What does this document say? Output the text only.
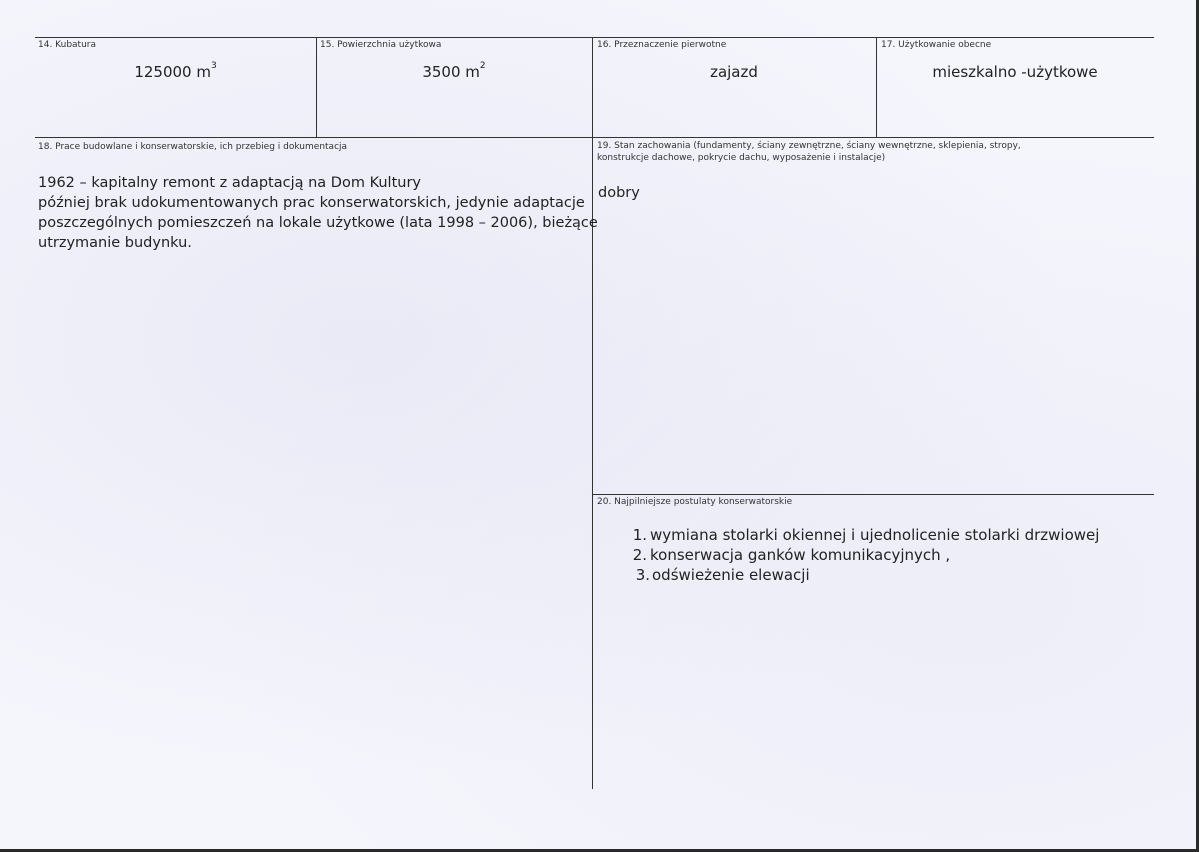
14. Kubatura
125000 $m^3$
15. Powierzchnia użytkowa
3500 $m^2$
16. Przeznaczenie pierwotne
zajazd
17. Użytkowanie obecne
mieszkalno -użytkowe
18. Prace budowlane i konserwatorskie, ich przebieg i dokumentacja
1962 – kapitalny remont z adaptacją na Dom Kultury
później brak udokumentowanych prac konserwatorskich, jedynie adaptacje
poszczególnych pomieszczeń na lokale użytkowe (lata 1998 – 2006), bieżące
utrzymanie budynku.
19. Stan zachowania (fundamenty, ściany zewnętrzne, ściany wewnętrzne, sklepienia, stropy,
konstrukcje dachowe, pokrycie dachu, wyposażenie i instalacje)
dobry
20. Najpilniejsze postulaty konserwatorskie
1. wymiana stolarki okiennej i ujednolicenie stolarki drzwiowej
2. konserwacja ganków komunikacyjnych ,
3. odświeżenie elewacji
